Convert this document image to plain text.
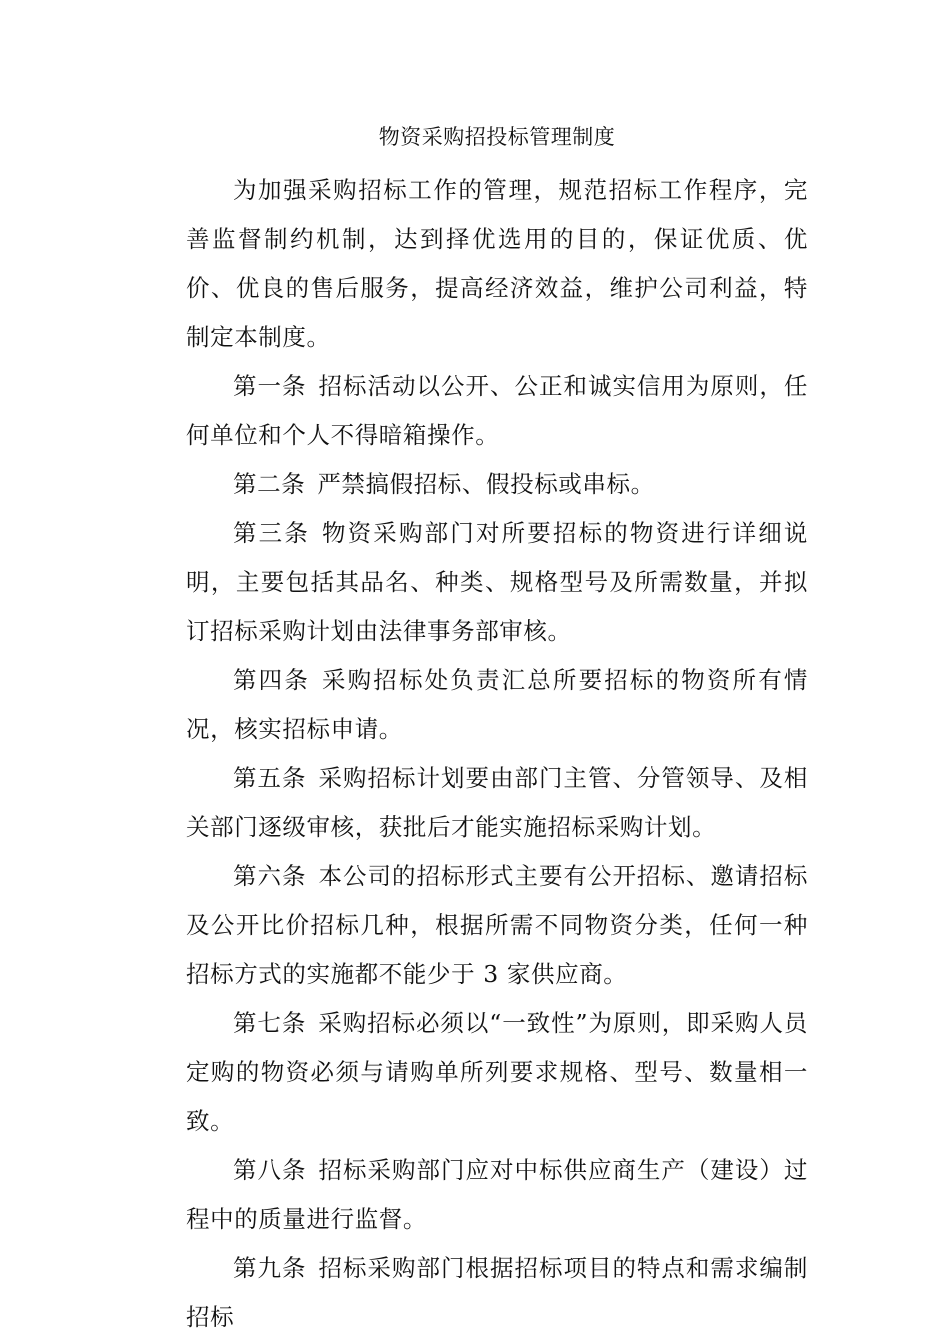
物资采购招投标管理制度

为加强采购招标工作的管理，规范招标工作程序，完善监督制约机制，达到择优选用的目的，保证优质、优价、优良的售后服务，提高经济效益，维护公司利益，特制定本制度。

第一条 招标活动以公开、公正和诚实信用为原则，任何单位和个人不得暗箱操作。

第二条 严禁搞假招标、假投标或串标。

第三条 物资采购部门对所要招标的物资进行详细说明，主要包括其品名、种类、规格型号及所需数量，并拟订招标采购计划由法律事务部审核。

第四条 采购招标处负责汇总所要招标的物资所有情况，核实招标申请。

第五条 采购招标计划要由部门主管、分管领导、及相关部门逐级审核，获批后才能实施招标采购计划。

第六条 本公司的招标形式主要有公开招标、邀请招标及公开比价招标几种，根据所需不同物资分类，任何一种招标方式的实施都不能少于 3 家供应商。

第七条 采购招标必须以“一致性”为原则，即采购人员定购的物资必须与请购单所列要求规格、型号、数量相一致。

第八条 招标采购部门应对中标供应商生产（建设）过程中的质量进行监督。

第九条 招标采购部门根据招标项目的特点和需求编制招标
